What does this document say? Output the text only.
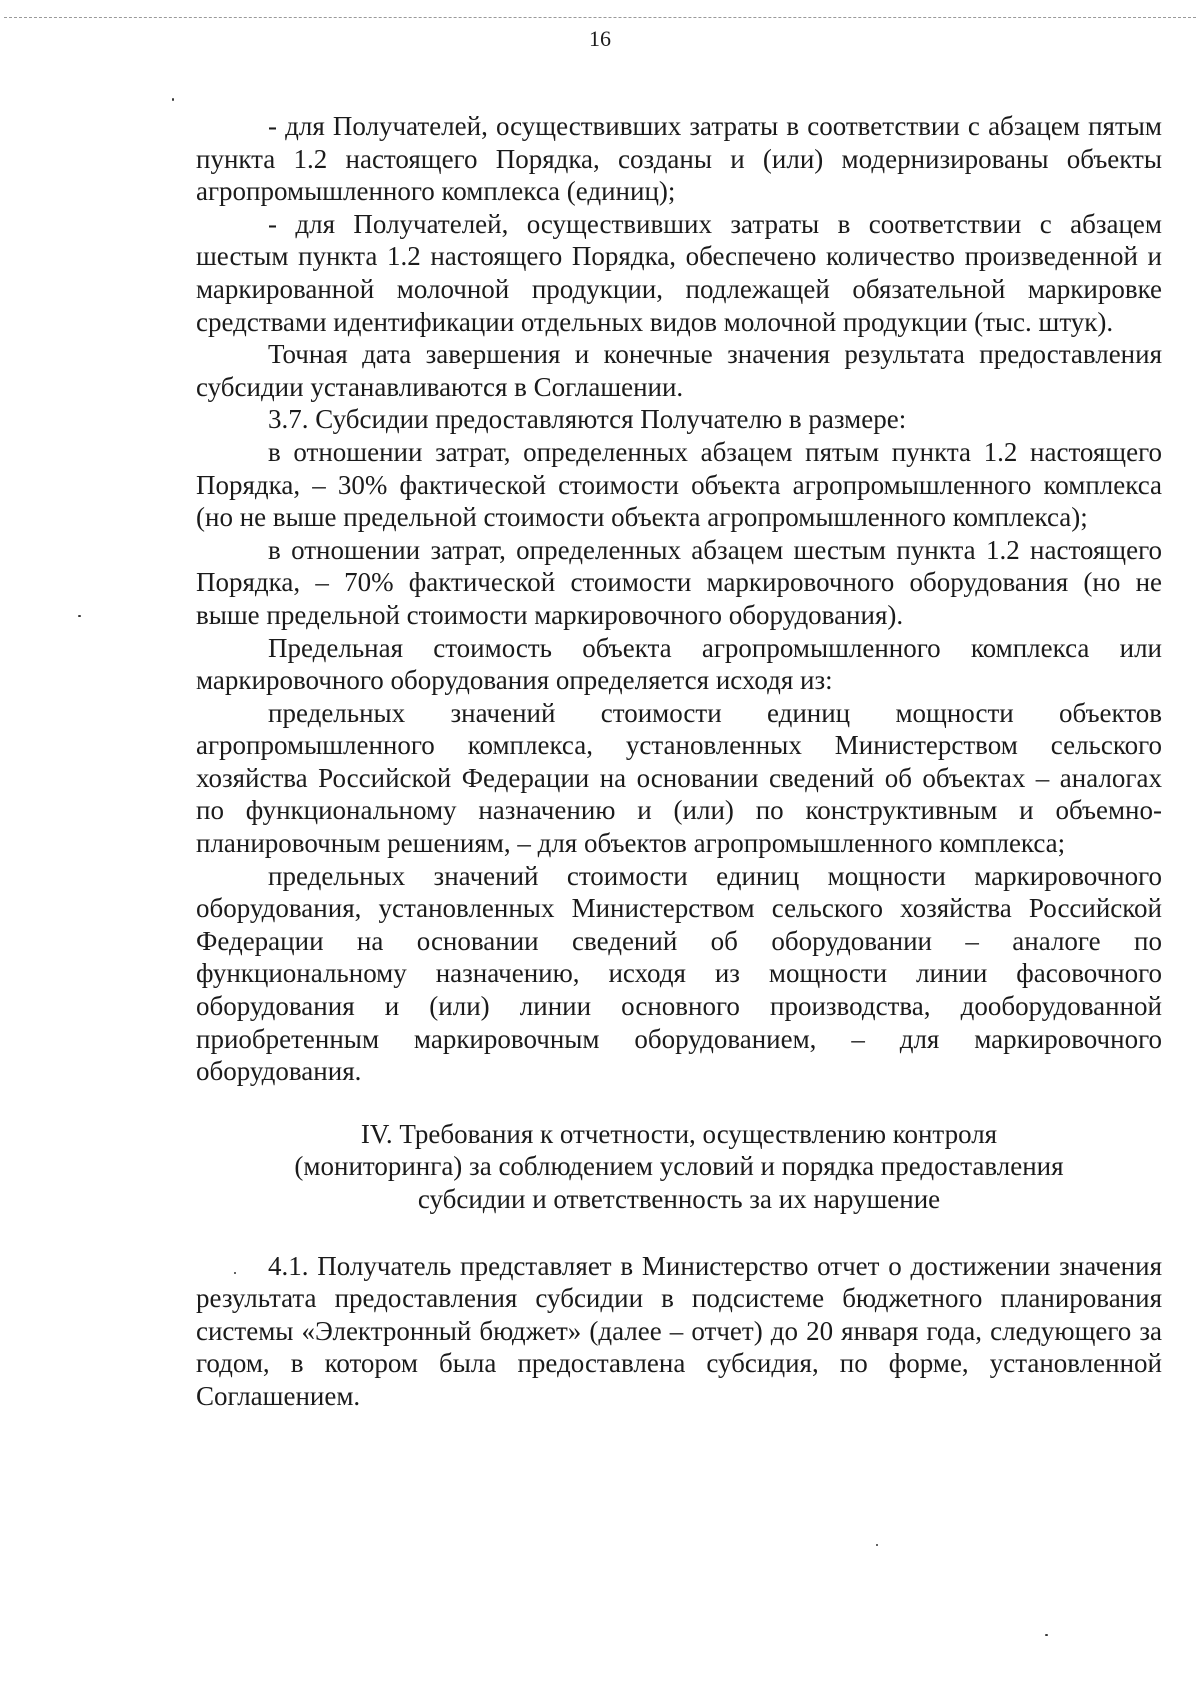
16

- для Получателей, осуществивших затраты в соответствии с абзацем пятым пункта 1.2 настоящего Порядка, созданы и (или) модернизированы объекты агропромышленного комплекса (единиц);

- для Получателей, осуществивших затраты в соответствии с абзацем шестым пункта 1.2 настоящего Порядка, обеспечено количество произведенной и маркированной молочной продукции, подлежащей обязательной маркировке средствами идентификации отдельных видов молочной продукции (тыс. штук).

Точная дата завершения и конечные значения результата предоставления субсидии устанавливаются в Соглашении.

3.7. Субсидии предоставляются Получателю в размере:

в отношении затрат, определенных абзацем пятым пункта 1.2 настоящего Порядка, – 30% фактической стоимости объекта агропромышленного комплекса (но не выше предельной стоимости объекта агропромышленного комплекса);

в отношении затрат, определенных абзацем шестым пункта 1.2 настоящего Порядка, – 70% фактической стоимости маркировочного оборудования (но не выше предельной стоимости маркировочного оборудования).

Предельная стоимость объекта агропромышленного комплекса или маркировочного оборудования определяется исходя из:

предельных значений стоимости единиц мощности объектов агропромышленного комплекса, установленных Министерством сельского хозяйства Российской Федерации на основании сведений об объектах – аналогах по функциональному назначению и (или) по конструктивным и объемно-планировочным решениям, – для объектов агропромышленного комплекса;

предельных значений стоимости единиц мощности маркировочного оборудования, установленных Министерством сельского хозяйства Российской Федерации на основании сведений об оборудовании – аналоге по функциональному назначению, исходя из мощности линии фасовочного оборудования и (или) линии основного производства, дооборудованной приобретенным маркировочным оборудованием, – для маркировочного оборудования.

IV. Требования к отчетности, осуществлению контроля
(мониторинга) за соблюдением условий и порядка предоставления
субсидии и ответственность за их нарушение

4.1. Получатель представляет в Министерство отчет о достижении значения результата предоставления субсидии в подсистеме бюджетного планирования системы «Электронный бюджет» (далее – отчет) до 20 января года, следующего за годом, в котором была предоставлена субсидия, по форме, установленной Соглашением.
